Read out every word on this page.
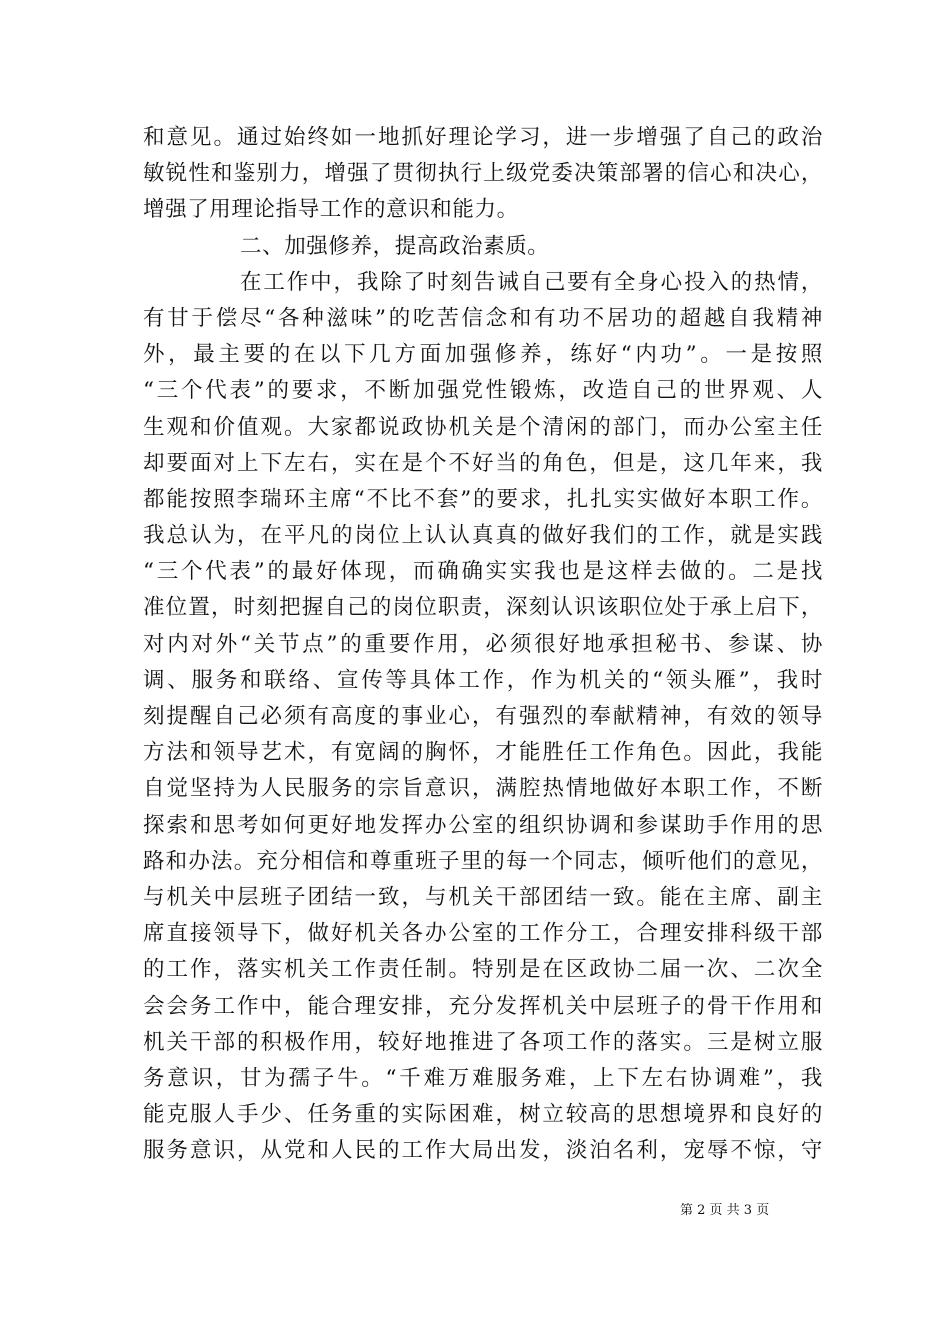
和意见。通过始终如一地抓好理论学习，进一步增强了自己的政治
敏锐性和鉴别力，增强了贯彻执行上级党委决策部署的信心和决心，
增强了用理论指导工作的意识和能力。
二、加强修养，提高政治素质。
在工作中，我除了时刻告诫自己要有全身心投入的热情，
有甘于偿尽“各种滋味”的吃苦信念和有功不居功的超越自我精神
外，最主要的在以下几方面加强修养，练好“内功”。一是按照
“三个代表”的要求，不断加强党性锻炼，改造自己的世界观、人
生观和价值观。大家都说政协机关是个清闲的部门，而办公室主任
却要面对上下左右，实在是个不好当的角色，但是，这几年来，我
都能按照李瑞环主席“不比不套”的要求，扎扎实实做好本职工作。
我总认为，在平凡的岗位上认认真真的做好我们的工作，就是实践
“三个代表”的最好体现，而确确实实我也是这样去做的。二是找
准位置，时刻把握自己的岗位职责，深刻认识该职位处于承上启下，
对内对外“关节点”的重要作用，必须很好地承担秘书、参谋、协
调、服务和联络、宣传等具体工作，作为机关的“领头雁”，我时
刻提醒自己必须有高度的事业心，有强烈的奉献精神，有效的领导
方法和领导艺术，有宽阔的胸怀，才能胜任工作角色。因此，我能
自觉坚持为人民服务的宗旨意识，满腔热情地做好本职工作，不断
探索和思考如何更好地发挥办公室的组织协调和参谋助手作用的思
路和办法。充分相信和尊重班子里的每一个同志，倾听他们的意见，
与机关中层班子团结一致，与机关干部团结一致。能在主席、副主
席直接领导下，做好机关各办公室的工作分工，合理安排科级干部
的工作，落实机关工作责任制。特别是在区政协二届一次、二次全
会会务工作中，能合理安排，充分发挥机关中层班子的骨干作用和
机关干部的积极作用，较好地推进了各项工作的落实。三是树立服
务意识，甘为孺子牛。“千难万难服务难，上下左右协调难”，我
能克服人手少、任务重的实际困难，树立较高的思想境界和良好的
服务意识，从党和人民的工作大局出发，淡泊名利，宠辱不惊，守
第 2 页 共 3 页
